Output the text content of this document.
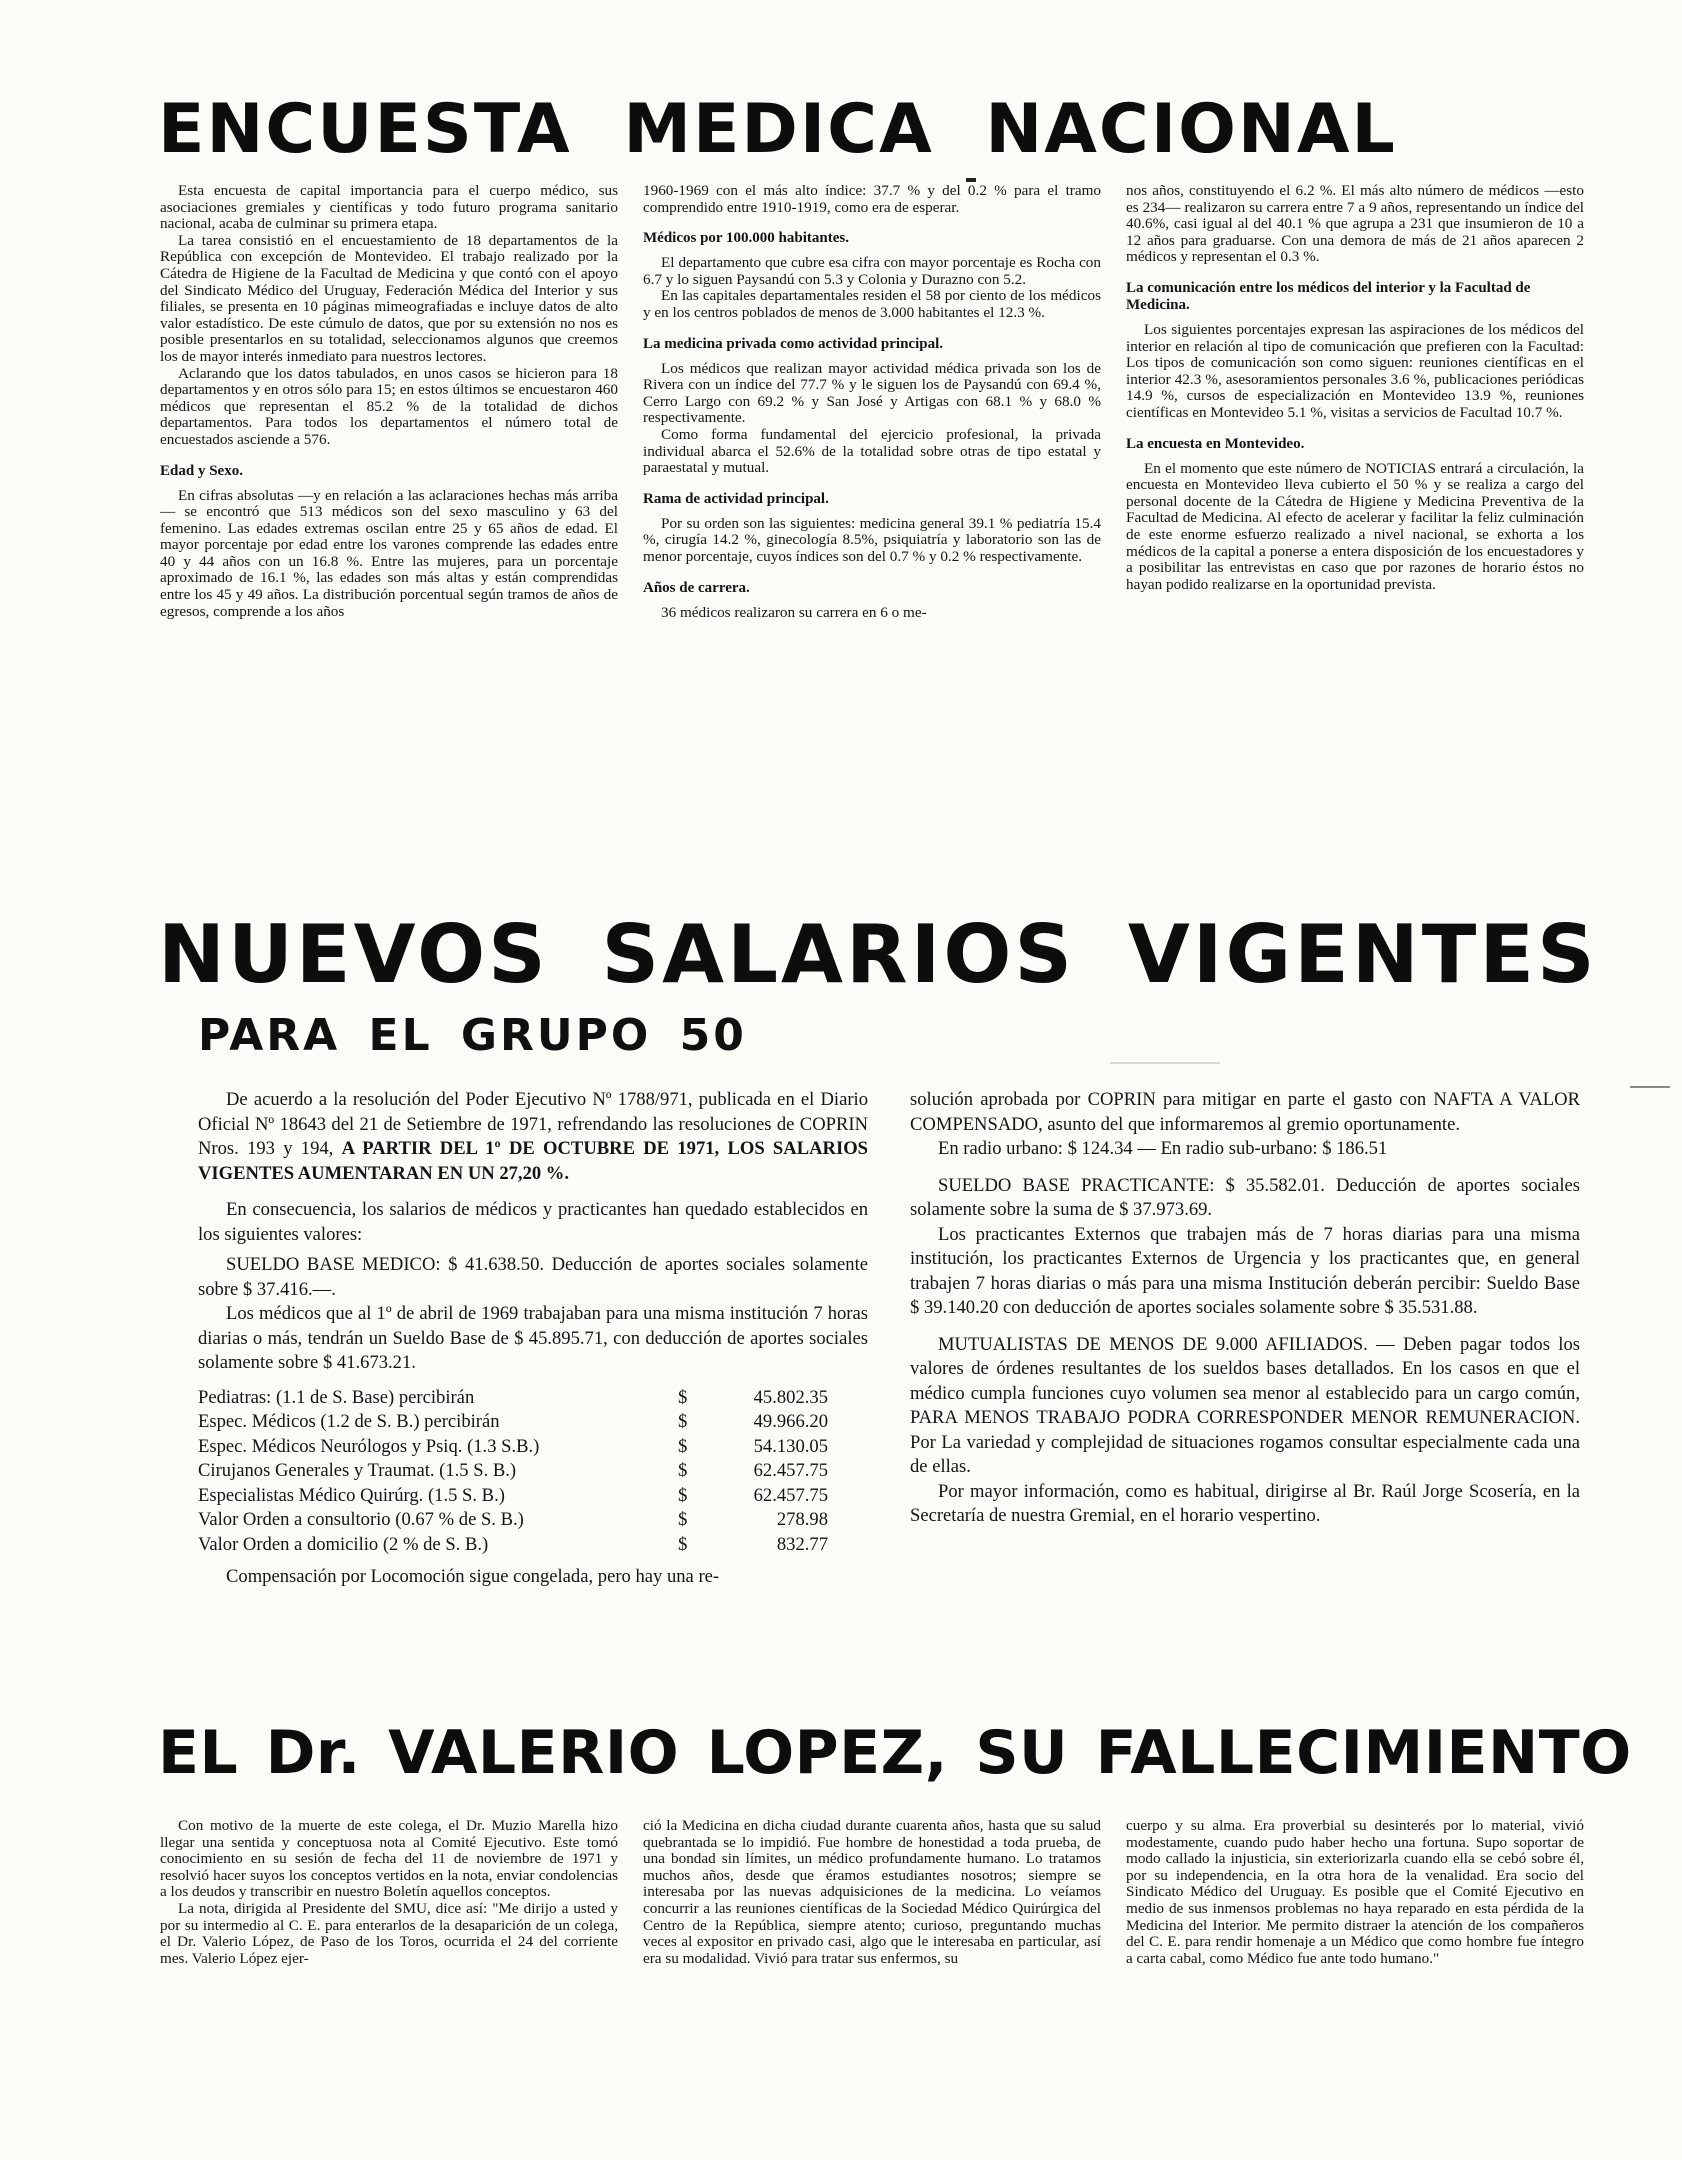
ENCUESTA MEDICA NACIONAL

Esta encuesta de capital importancia para el cuerpo médico, sus asociaciones gremiales y científicas y todo futuro programa sanitario nacional, acaba de culminar su primera etapa.

La tarea consistió en el encuestamiento de 18 departamentos de la República con excepción de Montevideo. El trabajo realizado por la Cátedra de Higiene de la Facultad de Medicina y que contó con el apoyo del Sindicato Médico del Uruguay, Federación Médica del Interior y sus filiales, se presenta en 10 páginas mimeografiadas e incluye datos de alto valor estadístico. De este cúmulo de datos, que por su extensión no nos es posible presentarlos en su totalidad, seleccionamos algunos que creemos los de mayor interés inmediato para nuestros lectores.

Aclarando que los datos tabulados, en unos casos se hicieron para 18 departamentos y en otros sólo para 15; en estos últimos se encuestaron 460 médicos que representan el 85.2 % de la totalidad de dichos departamentos. Para todos los departamentos el número total de encuestados asciende a 576.

Edad y Sexo.

En cifras absolutas —y en relación a las aclaraciones hechas más arriba— se encontró que 513 médicos son del sexo masculino y 63 del femenino. Las edades extremas oscilan entre 25 y 65 años de edad. El mayor porcentaje por edad entre los varones comprende las edades entre 40 y 44 años con un 16.8 %. Entre las mujeres, para un porcentaje aproximado de 16.1 %, las edades son más altas y están comprendidas entre los 45 y 49 años. La distribución porcentual según tramos de años de egresos, comprende a los años

1960-1969 con el más alto índice: 37.7 % y del 0.2 % para el tramo comprendido entre 1910-1919, como era de esperar.

Médicos por 100.000 habitantes.

El departamento que cubre esa cifra con mayor porcentaje es Rocha con 6.7 y lo siguen Paysandú con 5.3 y Colonia y Durazno con 5.2.

En las capitales departamentales residen el 58 por ciento de los médicos y en los centros poblados de menos de 3.000 habitantes el 12.3 %.

La medicina privada como actividad principal.

Los médicos que realizan mayor actividad médica privada son los de Rivera con un índice del 77.7 % y le siguen los de Paysandú con 69.4 %, Cerro Largo con 69.2 % y San José y Artigas con 68.1 % y 68.0 % respectivamente.

Como forma fundamental del ejercicio profesional, la privada individual abarca el 52.6% de la totalidad sobre otras de tipo estatal y paraestatal y mutual.

Rama de actividad principal.

Por su orden son las siguientes: medicina general 39.1 % pediatría 15.4 %, cirugía 14.2 %, ginecología 8.5%, psiquiatría y laboratorio son las de menor porcentaje, cuyos índices son del 0.7 % y 0.2 % respectivamente.

Años de carrera.

36 médicos realizaron su carrera en 6 o me-

nos años, constituyendo el 6.2 %. El más alto número de médicos —esto es 234— realizaron su carrera entre 7 a 9 años, representando un índice del 40.6%, casi igual al del 40.1 % que agrupa a 231 que insumieron de 10 a 12 años para graduarse. Con una demora de más de 21 años aparecen 2 médicos y representan el 0.3 %.

La comunicación entre los médicos del interior y la Facultad de Medicina.

Los siguientes porcentajes expresan las aspiraciones de los médicos del interior en relación al tipo de comunicación que prefieren con la Facultad: Los tipos de comunicación son como siguen: reuniones científicas en el interior 42.3 %, asesoramientos personales 3.6 %, publicaciones periódicas 14.9 %, cursos de especialización en Montevideo 13.9 %, reuniones científicas en Montevideo 5.1 %, visitas a servicios de Facultad 10.7 %.

La encuesta en Montevideo.

En el momento que este número de NOTICIAS entrará a circulación, la encuesta en Montevideo lleva cubierto el 50 % y se realiza a cargo del personal docente de la Cátedra de Higiene y Medicina Preventiva de la Facultad de Medicina. Al efecto de acelerar y facilitar la feliz culminación de este enorme esfuerzo realizado a nivel nacional, se exhorta a los médicos de la capital a ponerse a entera disposición de los encuestadores y a posibilitar las entrevistas en caso que por razones de horario éstos no hayan podido realizarse en la oportunidad prevista.

NUEVOS SALARIOS VIGENTES
PARA EL GRUPO 50

De acuerdo a la resolución del Poder Ejecutivo Nº 1788/971, publicada en el Diario Oficial Nº 18643 del 21 de Setiembre de 1971, refrendando las resoluciones de COPRIN Nros. 193 y 194, A PARTIR DEL 1º DE OCTUBRE DE 1971, LOS SALARIOS VIGENTES AUMENTARAN EN UN 27,20 %.

En consecuencia, los salarios de médicos y practicantes han quedado establecidos en los siguientes valores:

SUELDO BASE MEDICO: $ 41.638.50. Deducción de aportes sociales solamente sobre $ 37.416.—.

Los médicos que al 1º de abril de 1969 trabajaban para una misma institución 7 horas diarias o más, tendrán un Sueldo Base de $ 45.895.71, con deducción de aportes sociales solamente sobre $ 41.673.21.

Pediatras: (1.1 de S. Base) percibirán	$	45.802.35
Espec. Médicos (1.2 de S. B.) percibirán	$	49.966.20
Espec. Médicos Neurólogos y Psiq. (1.3 S.B.)	$	54.130.05
Cirujanos Generales y Traumat. (1.5 S. B.)	$	62.457.75
Especialistas Médico Quirúrg. (1.5 S. B.)	$	62.457.75
Valor Orden a consultorio (0.67 % de S. B.)	$	278.98
Valor Orden a domicilio (2 % de S. B.)	$	832.77

Compensación por Locomoción sigue congelada, pero hay una re-

solución aprobada por COPRIN para mitigar en parte el gasto con NAFTA A VALOR COMPENSADO, asunto del que informaremos al gremio oportunamente.

En radio urbano: $ 124.34 — En radio sub-urbano: $ 186.51

SUELDO BASE PRACTICANTE: $ 35.582.01. Deducción de aportes sociales solamente sobre la suma de $ 37.973.69.

Los practicantes Externos que trabajen más de 7 horas diarias para una misma institución, los practicantes Externos de Urgencia y los practicantes que, en general trabajen 7 horas diarias o más para una misma Institución deberán percibir: Sueldo Base $ 39.140.20 con deducción de aportes sociales solamente sobre $ 35.531.88.

MUTUALISTAS DE MENOS DE 9.000 AFILIADOS. — Deben pagar todos los valores de órdenes resultantes de los sueldos bases detallados. En los casos en que el médico cumpla funciones cuyo volumen sea menor al establecido para un cargo común, PARA MENOS TRABAJO PODRA CORRESPONDER MENOR REMUNERACION. Por La variedad y complejidad de situaciones rogamos consultar especialmente cada una de ellas.

Por mayor información, como es habitual, dirigirse al Br. Raúl Jorge Scosería, en la Secretaría de nuestra Gremial, en el horario vespertino.

EL Dr. VALERIO LOPEZ, SU FALLECIMIENTO

Con motivo de la muerte de este colega, el Dr. Muzio Marella hizo llegar una sentida y conceptuosa nota al Comité Ejecutivo. Este tomó conocimiento en su sesión de fecha del 11 de noviembre de 1971 y resolvió hacer suyos los conceptos vertidos en la nota, enviar condolencias a los deudos y transcribir en nuestro Boletín aquellos conceptos.

La nota, dirigida al Presidente del SMU, dice así: "Me dirijo a usted y por su intermedio al C. E. para enterarlos de la desaparición de un colega, el Dr. Valerio López, de Paso de los Toros, ocurrida el 24 del corriente mes. Valerio López ejer-

ció la Medicina en dicha ciudad durante cuarenta años, hasta que su salud quebrantada se lo impidió. Fue hombre de honestidad a toda prueba, de una bondad sin límites, un médico profundamente humano. Lo tratamos muchos años, desde que éramos estudiantes nosotros; siempre se interesaba por las nuevas adquisiciones de la medicina. Lo veíamos concurrir a las reuniones científicas de la Sociedad Médico Quirúrgica del Centro de la República, siempre atento; curioso, preguntando muchas veces al expositor en privado casi, algo que le interesaba en particular, así era su modalidad. Vivió para tratar sus enfermos, su

cuerpo y su alma. Era proverbial su desinterés por lo material, vivió modestamente, cuando pudo haber hecho una fortuna. Supo soportar de modo callado la injusticia, sin exteriorizarla cuando ella se cebó sobre él, por su independencia, en la otra hora de la venalidad. Era socio del Sindicato Médico del Uruguay. Es posible que el Comité Ejecutivo en medio de sus inmensos problemas no haya reparado en esta pérdida de la Medicina del Interior. Me permito distraer la atención de los compañeros del C. E. para rendir homenaje a un Médico que como hombre fue íntegro a carta cabal, como Médico fue ante todo humano."
